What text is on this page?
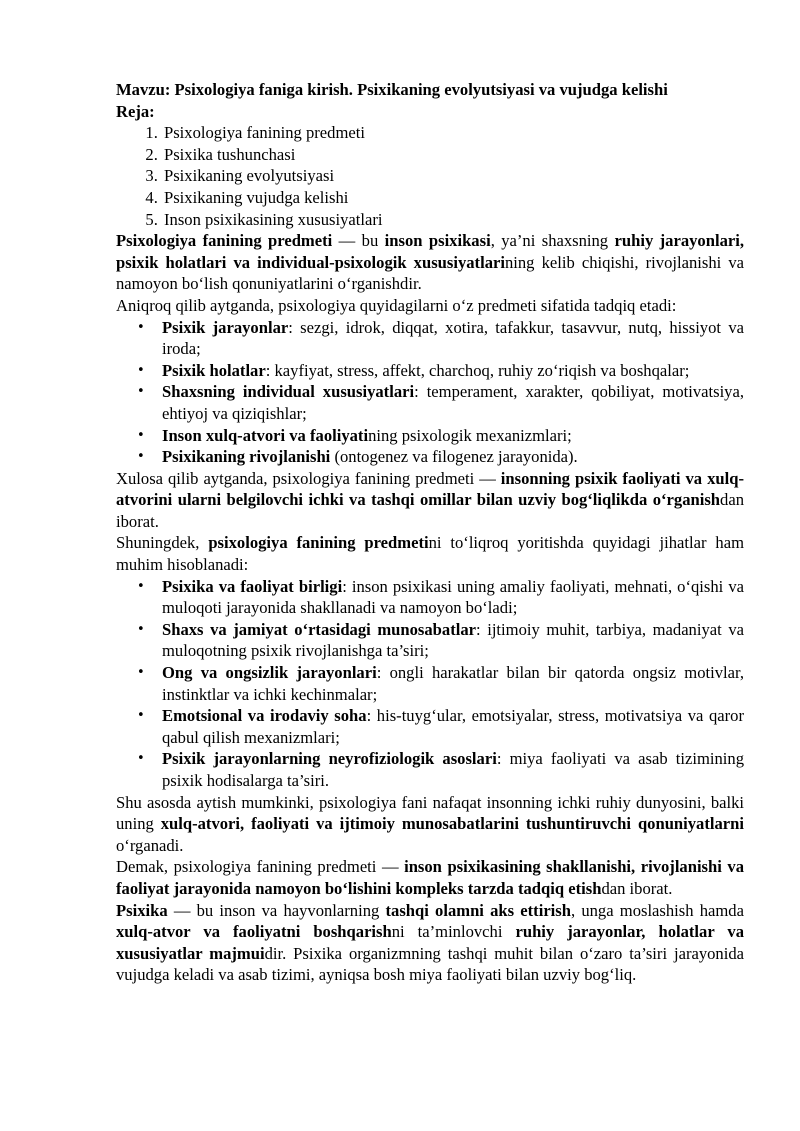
Mavzu: Psixologiya faniga kirish. Psixikaning evolyutsiyasi va vujudga kelishi

Reja:

1. Psixologiya fanining predmeti
2. Psixika tushunchasi
3. Psixikaning evolyutsiyasi
4. Psixikaning vujudga kelishi
5. Inson psixikasining xususiyatlari

Psixologiya fanining predmeti — bu inson psixikasi, ya’ni shaxsning ruhiy jarayonlari, psixik holatlari va individual-psixologik xususiyatlarining kelib chiqishi, rivojlanishi va namoyon bo‘lish qonuniyatlarini o‘rganishdir.

Aniqroq qilib aytganda, psixologiya quyidagilarni o‘z predmeti sifatida tadqiq etadi:

• Psixik jarayonlar: sezgi, idrok, diqqat, xotira, tafakkur, tasavvur, nutq, hissiyot va iroda;
• Psixik holatlar: kayfiyat, stress, affekt, charchoq, ruhiy zo‘riqish va boshqalar;
• Shaxsning individual xususiyatlari: temperament, xarakter, qobiliyat, motivatsiya, ehtiyoj va qiziqishlar;
• Inson xulq-atvori va faoliyatining psixologik mexanizmlari;
• Psixikaning rivojlanishi (ontogenez va filogenez jarayonida).

Xulosa qilib aytganda, psixologiya fanining predmeti — insonning psixik faoliyati va xulq-atvorini ularni belgilovchi ichki va tashqi omillar bilan uzviy bog‘liqlikda o‘rganishdan iborat.

Shuningdek, psixologiya fanining predmetini to‘liqroq yoritishda quyidagi jihatlar ham muhim hisoblanadi:

• Psixika va faoliyat birligi: inson psixikasi uning amaliy faoliyati, mehnati, o‘qishi va muloqoti jarayonida shakllanadi va namoyon bo‘ladi;
• Shaxs va jamiyat o‘rtasidagi munosabatlar: ijtimoiy muhit, tarbiya, madaniyat va muloqotning psixik rivojlanishga ta’siri;
• Ong va ongsizlik jarayonlari: ongli harakatlar bilan bir qatorda ongsiz motivlar, instinktlar va ichki kechinmalar;
• Emotsional va irodaviy soha: his-tuyg‘ular, emotsiyalar, stress, motivatsiya va qaror qabul qilish mexanizmlari;
• Psixik jarayonlarning neyrofiziologik asoslari: miya faoliyati va asab tizimining psixik hodisalarga ta’siri.

Shu asosda aytish mumkinki, psixologiya fani nafaqat insonning ichki ruhiy dunyosini, balki uning xulq-atvori, faoliyati va ijtimoiy munosabatlarini tushuntiruvchi qonuniyatlarni o‘rganadi.

Demak, psixologiya fanining predmeti — inson psixikasining shakllanishi, rivojlanishi va faoliyat jarayonida namoyon bo‘lishini kompleks tarzda tadqiq etishdan iborat.

Psixika — bu inson va hayvonlarning tashqi olamni aks ettirish, unga moslashish hamda xulq-atvor va faoliyatni boshqarishni ta’minlovchi ruhiy jarayonlar, holatlar va xususiyatlar majmuidir. Psixika organizmning tashqi muhit bilan o‘zaro ta’siri jarayonida vujudga keladi va asab tizimi, ayniqsa bosh miya faoliyati bilan uzviy bog‘liq.
